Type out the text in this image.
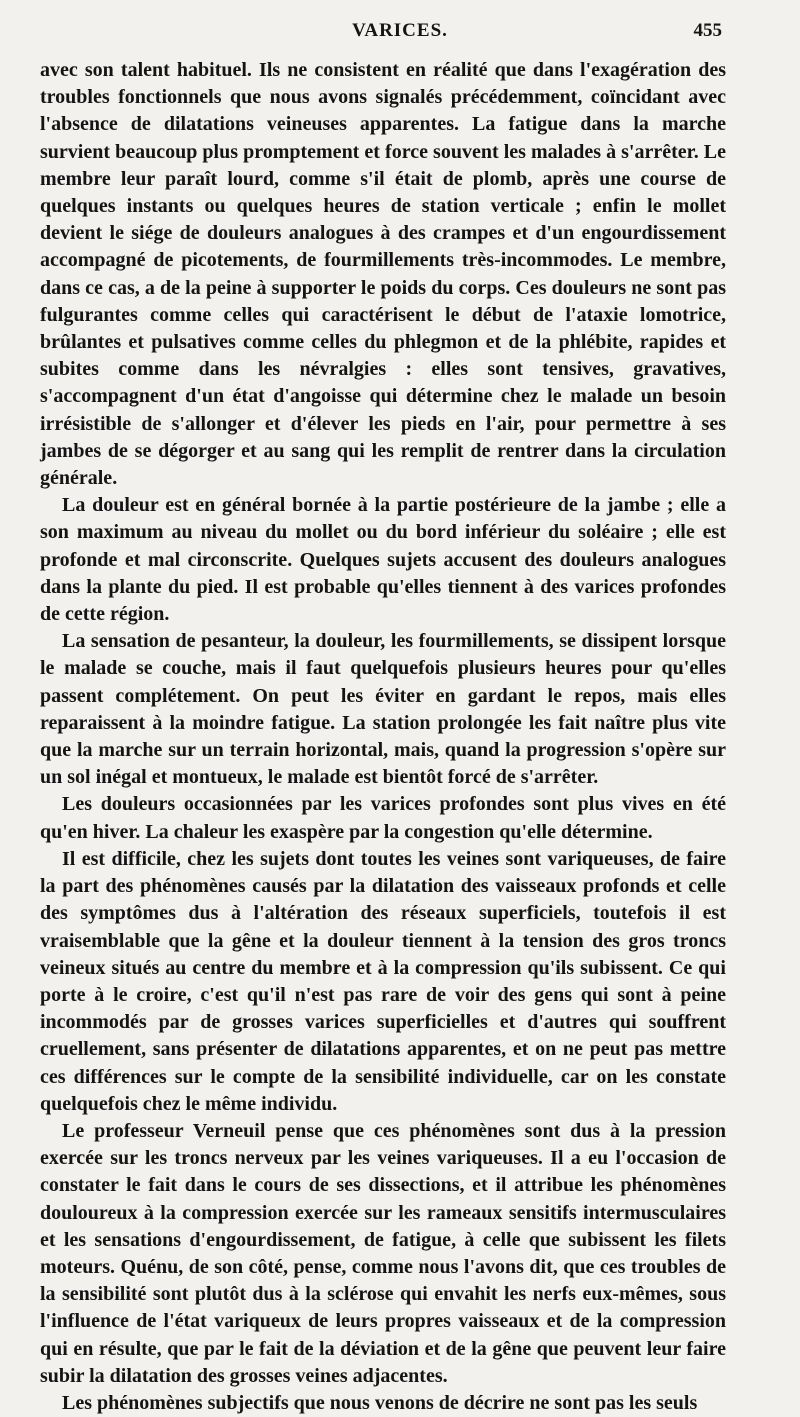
VARICES.	455

avec son talent habituel. Ils ne consistent en réalité que dans l'exagération des troubles fonctionnels que nous avons signalés précédemment, coïncidant avec l'absence de dilatations veineuses apparentes. La fatigue dans la marche survient beaucoup plus promptement et force souvent les malades à s'arrêter. Le membre leur paraît lourd, comme s'il était de plomb, après une course de quelques instants ou quelques heures de station verticale ; enfin le mollet devient le siége de douleurs analogues à des crampes et d'un engourdissement accompagné de picotements, de fourmillements très-incommodes. Le membre, dans ce cas, a de la peine à supporter le poids du corps. Ces douleurs ne sont pas fulgurantes comme celles qui caractérisent le début de l'ataxie lomotrice, brûlantes et pulsatives comme celles du phlegmon et de la phlébite, rapides et subites comme dans les névralgies : elles sont tensives, gravatives, s'accompagnent d'un état d'angoisse qui détermine chez le malade un besoin irrésistible de s'allonger et d'élever les pieds en l'air, pour permettre à ses jambes de se dégorger et au sang qui les remplit de rentrer dans la circulation générale.

La douleur est en général bornée à la partie postérieure de la jambe ; elle a son maximum au niveau du mollet ou du bord inférieur du soléaire ; elle est profonde et mal circonscrite. Quelques sujets accusent des douleurs analogues dans la plante du pied. Il est probable qu'elles tiennent à des varices profondes de cette région.

La sensation de pesanteur, la douleur, les fourmillements, se dissipent lorsque le malade se couche, mais il faut quelquefois plusieurs heures pour qu'elles passent complétement. On peut les éviter en gardant le repos, mais elles reparaissent à la moindre fatigue. La station prolongée les fait naître plus vite que la marche sur un terrain horizontal, mais, quand la progression s'opère sur un sol inégal et montueux, le malade est bientôt forcé de s'arrêter.

Les douleurs occasionnées par les varices profondes sont plus vives en été qu'en hiver. La chaleur les exaspère par la congestion qu'elle détermine.

Il est difficile, chez les sujets dont toutes les veines sont variqueuses, de faire la part des phénomènes causés par la dilatation des vaisseaux profonds et celle des symptômes dus à l'altération des réseaux superficiels, toutefois il est vraisemblable que la gêne et la douleur tiennent à la tension des gros troncs veineux situés au centre du membre et à la compression qu'ils subissent. Ce qui porte à le croire, c'est qu'il n'est pas rare de voir des gens qui sont à peine incommodés par de grosses varices superficielles et d'autres qui souffrent cruellement, sans présenter de dilatations apparentes, et on ne peut pas mettre ces différences sur le compte de la sensibilité individuelle, car on les constate quelquefois chez le même individu.

Le professeur Verneuil pense que ces phénomènes sont dus à la pression exercée sur les troncs nerveux par les veines variqueuses. Il a eu l'occasion de constater le fait dans le cours de ses dissections, et il attribue les phénomènes douloureux à la compression exercée sur les rameaux sensitifs intermusculaires et les sensations d'engourdissement, de fatigue, à celle que subissent les filets moteurs. Quénu, de son côté, pense, comme nous l'avons dit, que ces troubles de la sensibilité sont plutôt dus à la sclérose qui envahit les nerfs eux-mêmes, sous l'influence de l'état variqueux de leurs propres vaisseaux et de la compression qui en résulte, que par le fait de la déviation et de la gêne que peuvent leur faire subir la dilatation des grosses veines adjacentes.

Les phénomènes subjectifs que nous venons de décrire ne sont pas les seuls
